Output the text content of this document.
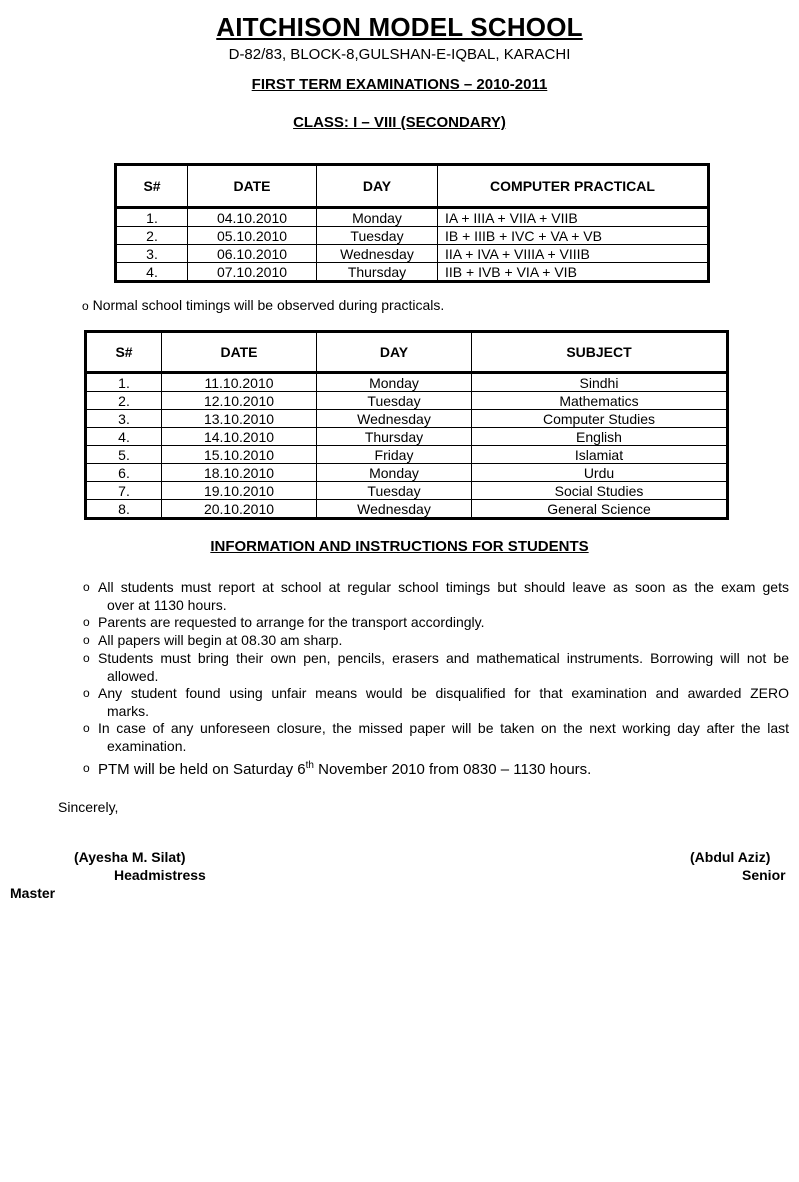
AITCHISON MODEL SCHOOL
D-82/83, BLOCK-8,GULSHAN-E-IQBAL, KARACHI
FIRST TERM EXAMINATIONS – 2010-2011
CLASS: I – VIII (SECONDARY)
S#	DATE	DAY	COMPUTER PRACTICAL
1.	04.10.2010	Monday	IA + IIIA + VIIA + VIIB
2.	05.10.2010	Tuesday	IB + IIIB + IVC + VA + VB
3.	06.10.2010	Wednesday	IIA + IVA + VIIIA + VIIIB
4.	07.10.2010	Thursday	IIB + IVB + VIA + VIB
o Normal school timings will be observed during practicals.
S#	DATE	DAY	SUBJECT
1.	11.10.2010	Monday	Sindhi
2.	12.10.2010	Tuesday	Mathematics
3.	13.10.2010	Wednesday	Computer Studies
4.	14.10.2010	Thursday	English
5.	15.10.2010	Friday	Islamiat
6.	18.10.2010	Monday	Urdu
7.	19.10.2010	Tuesday	Social Studies
8.	20.10.2010	Wednesday	General Science
INFORMATION AND INSTRUCTIONS FOR STUDENTS
o All students must report at school at regular school timings but should leave as soon as the exam gets
over at 1130 hours.
o Parents are requested to arrange for the transport accordingly.
o All papers will begin at 08.30 am sharp.
o Students must bring their own pen, pencils, erasers and mathematical instruments. Borrowing will not be
allowed.
o Any student found using unfair means would be disqualified for that examination and awarded ZERO
marks.
o In case of any unforeseen closure, the missed paper will be taken on the next working day after the last
examination.
o PTM will be held on Saturday 6th November 2010 from 0830 – 1130 hours.
Sincerely,
(Ayesha M. Silat)
Headmistress
(Abdul Aziz)
Senior
Master
